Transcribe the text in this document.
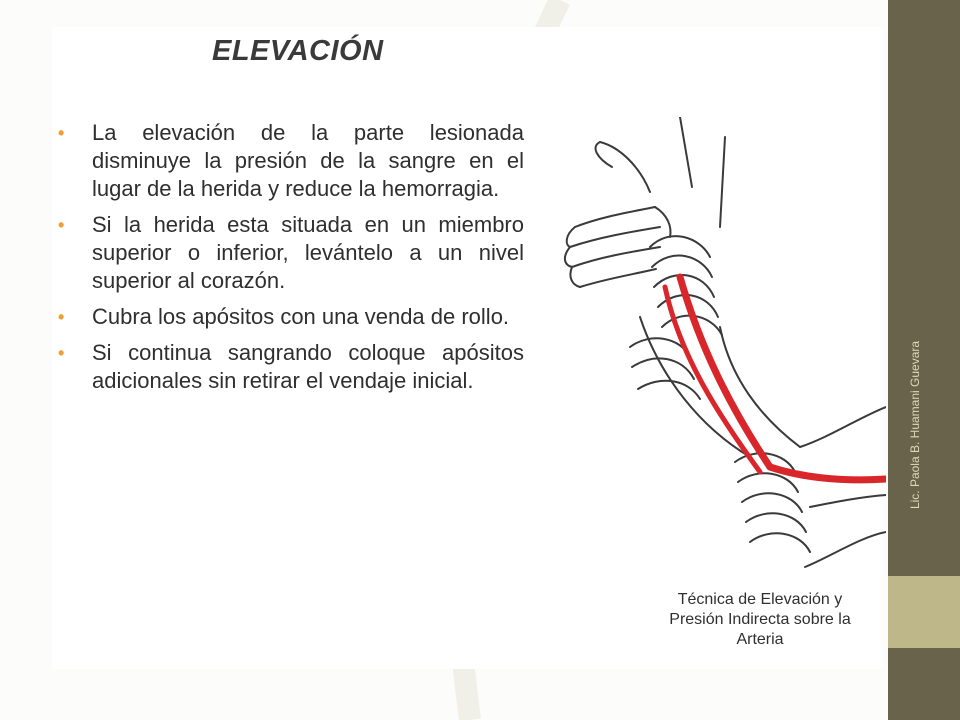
ELEVACIÓN
• La elevación de la parte lesionada disminuye la presión de la sangre en el lugar de la herida y reduce la hemorragia.
• Si la herida esta situada en un miembro superior o inferior, levántelo a un nivel superior al corazón.
• Cubra los apósitos con una venda de rollo.
• Si continua sangrando coloque apósitos adicionales sin retirar el vendaje inicial.
Técnica de Elevación y Presión Indirecta sobre la Arteria
Lic. Paola B. Huamani Guevara
